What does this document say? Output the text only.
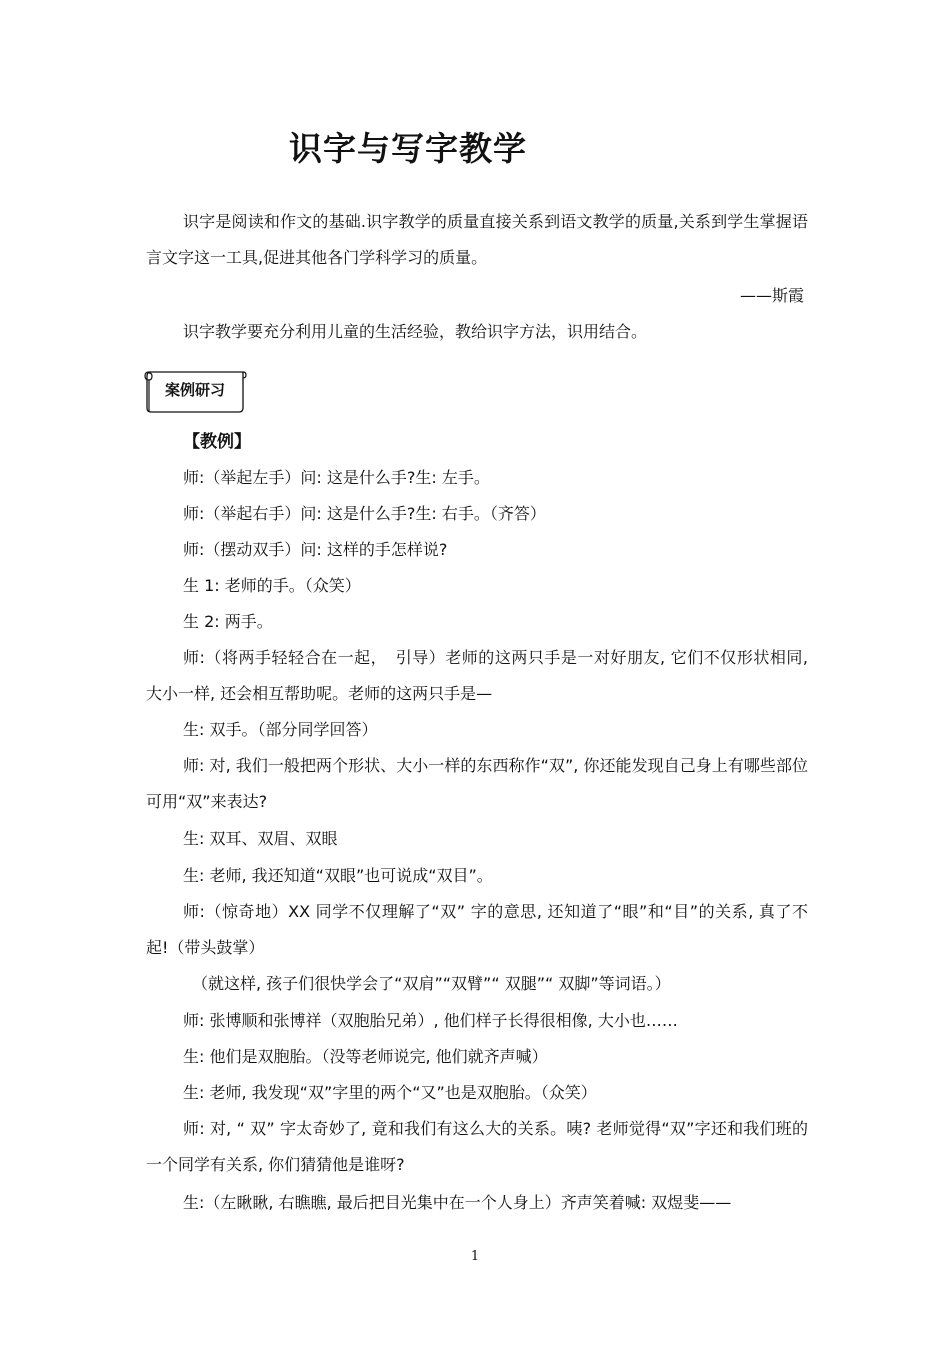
识字与写字教学

识字是阅读和作文的基础.识字教学的质量直接关系到语文教学的质量,关系到学生掌握语言文字这一工具,促进其他各门学科学习的质量。

——斯霞
识字教学要充分利用儿童的生活经验，教给识字方法，识用结合。
案例研习
【教例】
师:（举起左手）问: 这是什么手?生: 左手。
师:（举起右手）问: 这是什么手?生: 右手。（齐答）
师:（摆动双手）问: 这样的手怎样说?
生 1: 老师的手。（众笑）
生 2: 两手。

师:（将两手轻轻合在一起，　引导）老师的这两只手是一对好朋友, 它们不仅形状相同, 大小一样, 还会相互帮助呢。老师的这两只手是—

生: 双手。（部分同学回答）

师: 对, 我们一般把两个形状、大小一样的东西称作“双”, 你还能发现自己身上有哪些部位可用“双”来表达?

生: 双耳、双眉、双眼
生: 老师, 我还知道“双眼”也可说成“双目”。

师:（惊奇地）XX 同学不仅理解了“双” 字的意思, 还知道了“眼”和“目”的关系, 真了不起!（带头鼓掌）

（就这样, 孩子们很快学会了“双肩”“双臂”“ 双腿”“ 双脚”等词语。）
师: 张博顺和张博祥（双胞胎兄弟）, 他们样子长得很相像, 大小也……
生: 他们是双胞胎。（没等老师说完, 他们就齐声喊）
生: 老师, 我发现“双”字里的两个“又”也是双胞胎。（众笑）

师: 对, “ 双” 字太奇妙了, 竟和我们有这么大的关系。咦? 老师觉得“双”字还和我们班的一个同学有关系, 你们猜猜他是谁呀?

生:（左瞅瞅, 右瞧瞧, 最后把目光集中在一个人身上）齐声笑着喊: 双煜斐——
1
